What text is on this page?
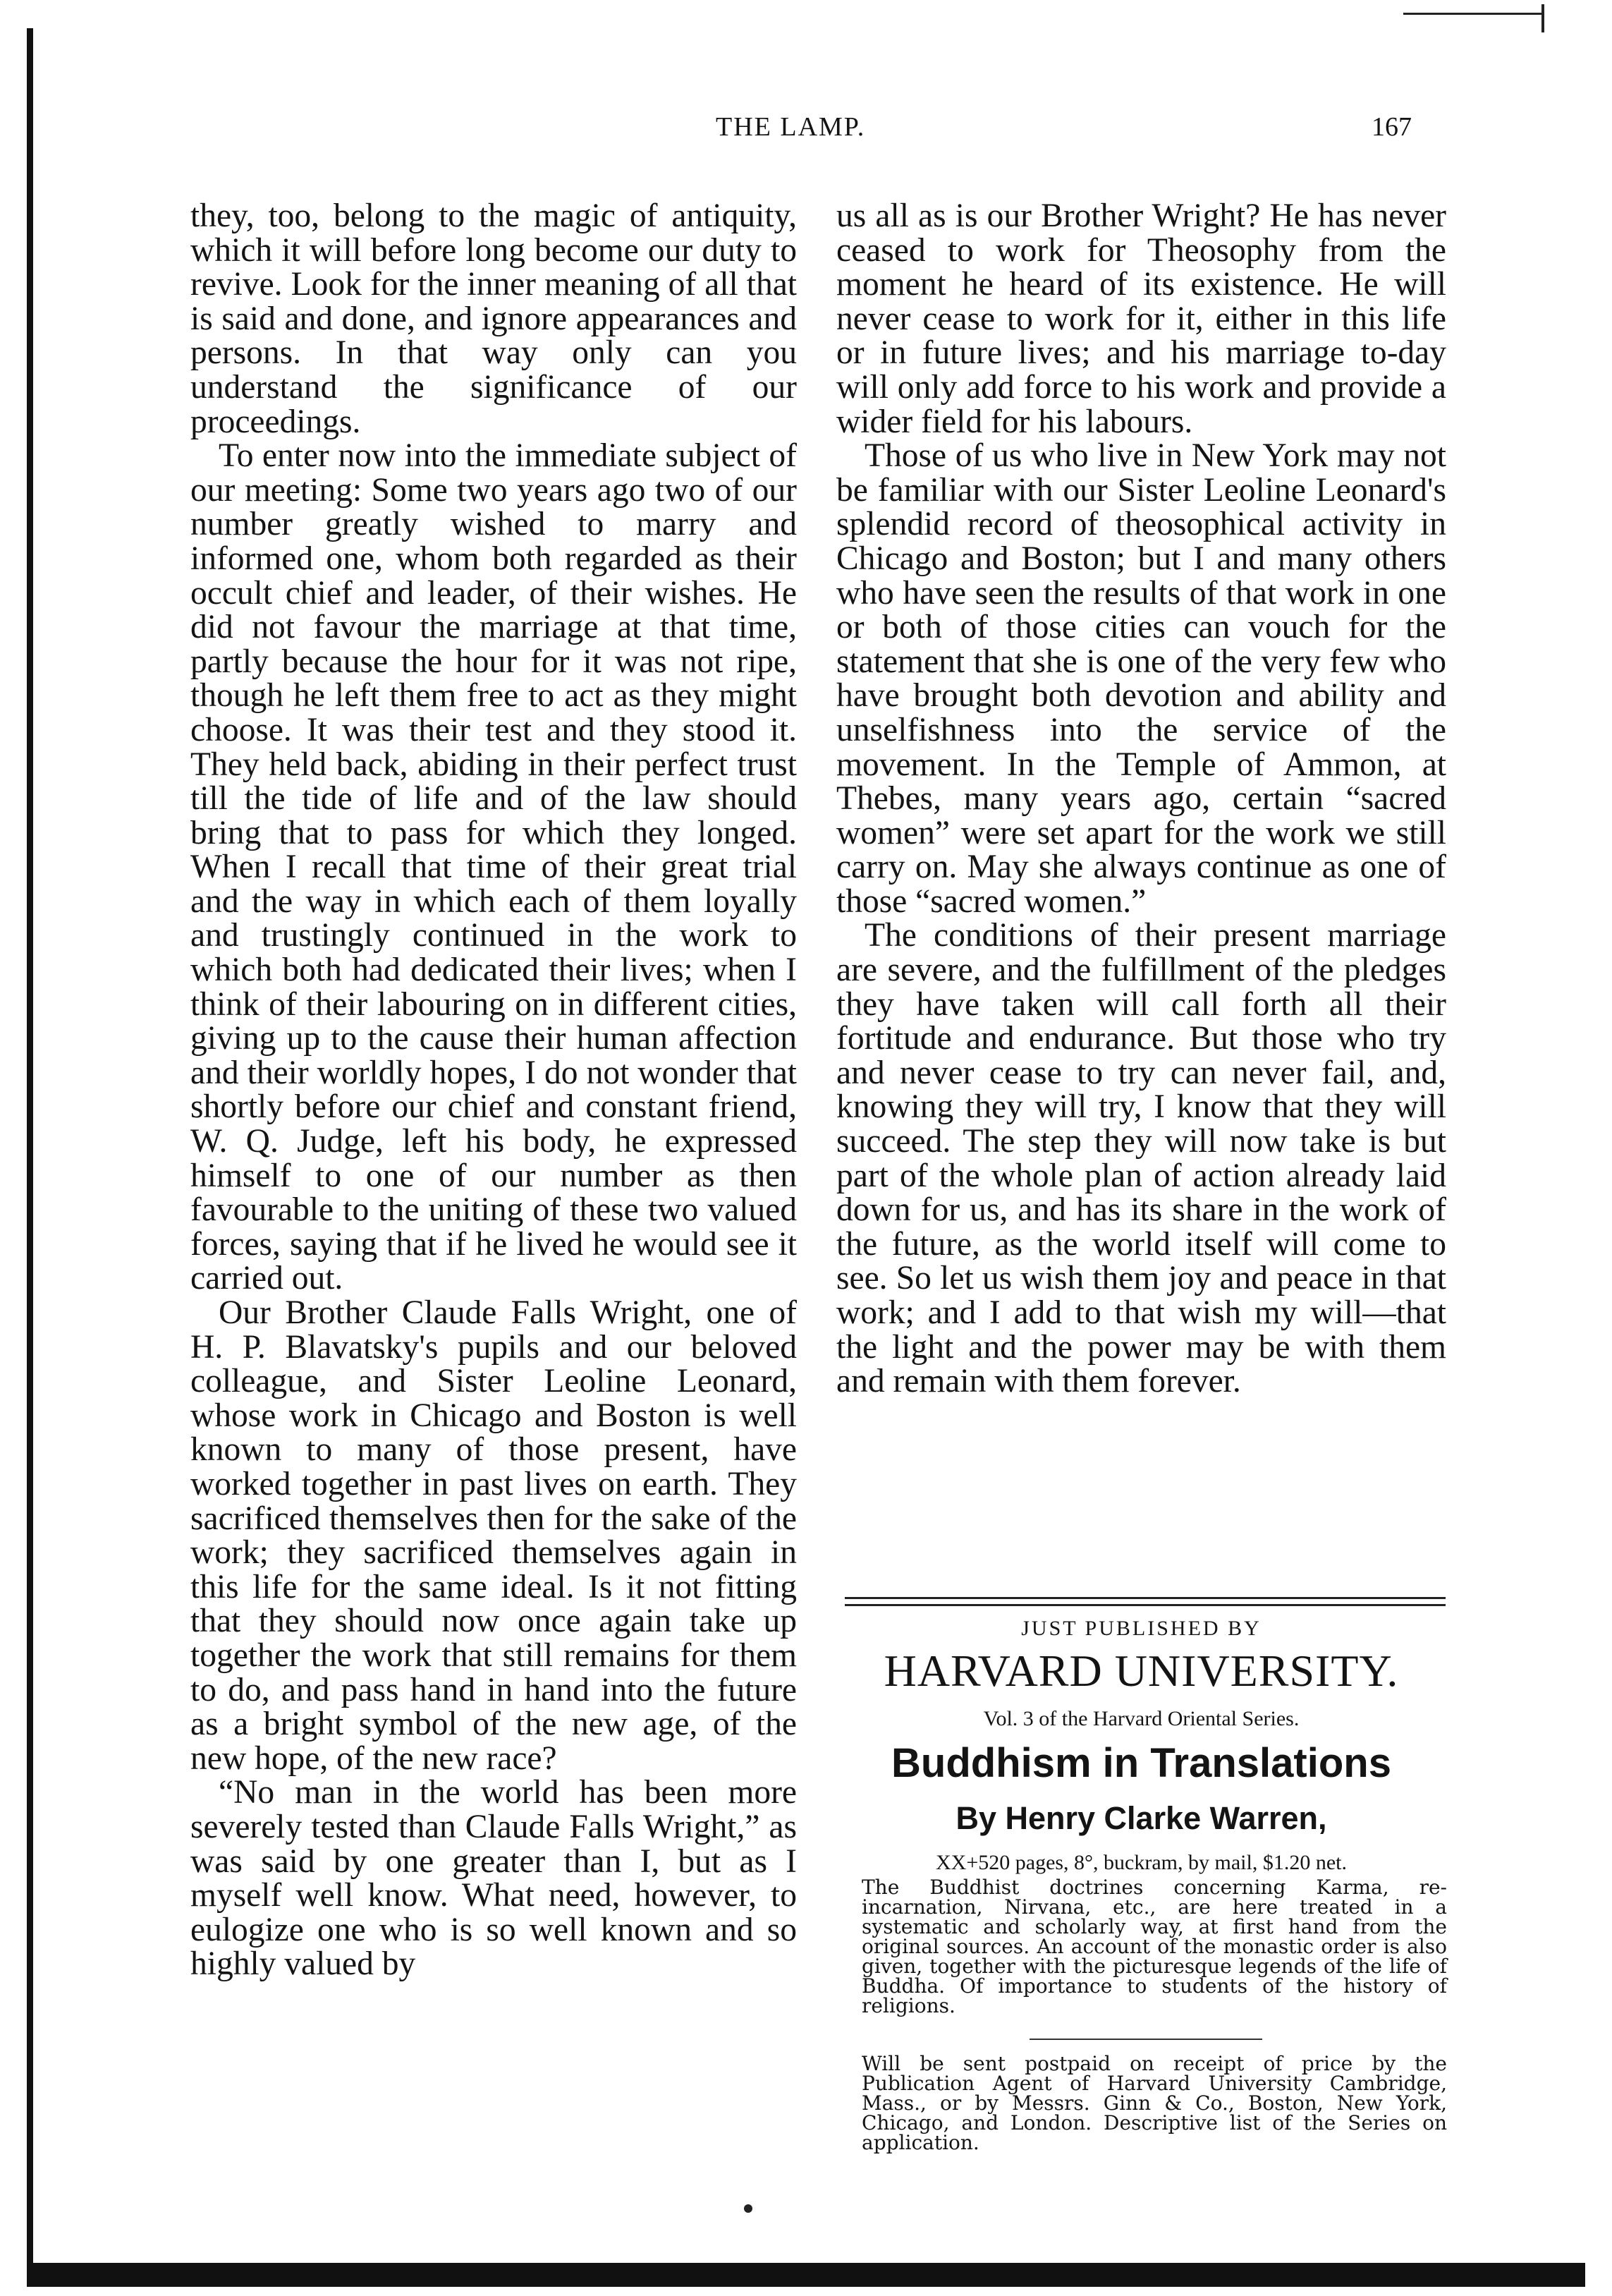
THE LAMP.	167

they, too, belong to the magic of antiquity, which it will before long become our duty to revive. Look for the inner meaning of all that is said and done, and ignore appearances and persons. In that way only can you understand the significance of our proceedings.

To enter now into the immediate subject of our meeting: Some two years ago two of our number greatly wished to marry and informed one, whom both regarded as their occult chief and leader, of their wishes. He did not favour the marriage at that time, partly because the hour for it was not ripe, though he left them free to act as they might choose. It was their test and they stood it. They held back, abiding in their perfect trust till the tide of life and of the law should bring that to pass for which they longed. When I recall that time of their great trial and the way in which each of them loyally and trustingly continued in the work to which both had dedicated their lives; when I think of their labouring on in different cities, giving up to the cause their human affection and their worldly hopes, I do not wonder that shortly before our chief and constant friend, W. Q. Judge, left his body, he expressed himself to one of our number as then favourable to the uniting of these two valued forces, saying that if he lived he would see it carried out.

Our Brother Claude Falls Wright, one of H. P. Blavatsky's pupils and our beloved colleague, and Sister Leoline Leonard, whose work in Chicago and Boston is well known to many of those present, have worked together in past lives on earth. They sacrificed themselves then for the sake of the work; they sacrificed themselves again in this life for the same ideal. Is it not fitting that they should now once again take up together the work that still remains for them to do, and pass hand in hand into the future as a bright symbol of the new age, of the new hope, of the new race?

“No man in the world has been more severely tested than Claude Falls Wright,” as was said by one greater than I, but as I myself well know. What need, however, to eulogize one who is so well known and so highly valued by

us all as is our Brother Wright? He has never ceased to work for Theosophy from the moment he heard of its existence. He will never cease to work for it, either in this life or in future lives; and his marriage to-day will only add force to his work and provide a wider field for his labours.

Those of us who live in New York may not be familiar with our Sister Leoline Leonard's splendid record of theosophical activity in Chicago and Boston; but I and many others who have seen the results of that work in one or both of those cities can vouch for the statement that she is one of the very few who have brought both devotion and ability and unselfishness into the service of the movement. In the Temple of Ammon, at Thebes, many years ago, certain “sacred women” were set apart for the work we still carry on. May she always continue as one of those “sacred women.”

The conditions of their present marriage are severe, and the fulfillment of the pledges they have taken will call forth all their fortitude and endurance. But those who try and never cease to try can never fail, and, knowing they will try, I know that they will succeed. The step they will now take is but part of the whole plan of action already laid down for us, and has its share in the work of the future, as the world itself will come to see. So let us wish them joy and peace in that work; and I add to that wish my will—that the light and the power may be with them and remain with them forever.

JUST PUBLISHED BY
HARVARD UNIVERSITY.
Vol. 3 of the Harvard Oriental Series.
Buddhism in Translations
By Henry Clarke Warren,
XX+520 pages, 8°, buckram, by mail, $1.20 net.
The Buddhist doctrines concerning Karma, re-incarnation, Nirvana, etc., are here treated in a systematic and scholarly way, at first hand from the original sources. An account of the monastic order is also given, together with the picturesque legends of the life of Buddha. Of importance to students of the history of religions.
Will be sent postpaid on receipt of price by the Publication Agent of Harvard University Cambridge, Mass., or by Messrs. Ginn & Co., Boston, New York, Chicago, and London. Descriptive list of the Series on application.
